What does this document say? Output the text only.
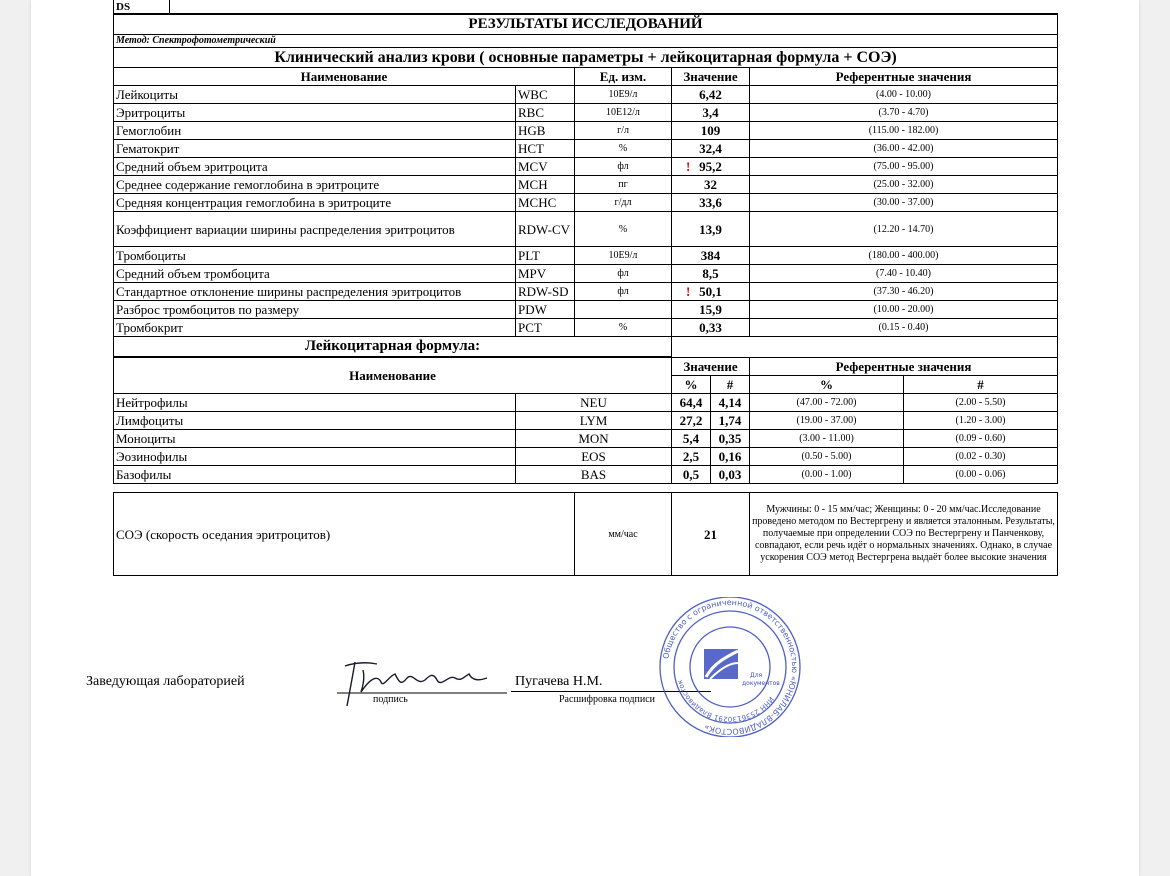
DS	
РЕЗУЛЬТАТЫ ИССЛЕДОВАНИЙ				
Метод: Спектрофотометрический				
Клинический анализ крови ( основные параметры + лейкоцитарная формула + СОЭ)				
Наименование		Ед. изм.	Значение	Референтные значения
Лейкоциты	WBC	10E9/л	6,42	(4.00 - 10.00)
Эритроциты	RBC	10E12/л	3,4	(3.70 - 4.70)
Гемоглобин	HGB	г/л	109	(115.00 - 182.00)
Гематокрит	HCT	%	32,4	(36.00 - 42.00)
Средний объем эритроцита	MCV	фл	! 95,2	(75.00 - 95.00)
Среднее содержание гемоглобина в эритроците	MCH	пг	32	(25.00 - 32.00)
Средняя концентрация гемоглобина в эритроците	MCHC	г/дл	33,6	(30.00 - 37.00)
Коэффициент вариации ширины распределения эритроцитов	RDW-CV	%	13,9	(12.20 - 14.70)
Тромбоциты	PLT	10E9/л	384	(180.00 - 400.00)
Средний объем тромбоцита	MPV	фл	8,5	(7.40 - 10.40)
Стандартное отклонение ширины распределения эритроцитов	RDW-SD	фл	! 50,1	(37.30 - 46.20)
Разброс тромбоцитов по размеру	PDW		15,9	(10.00 - 20.00)
Тромбокрит	PCT	%	0,33	(0.15 - 0.40)
Лейкоцитарная формула:				
Наименование		Значение		Референтные значения	
		%	#	%	#
Нейтрофилы	NEU	64,4	4,14	(47.00 - 72.00)	(2.00 - 5.50)
Лимфоциты	LYM	27,2	1,74	(19.00 - 37.00)	(1.20 - 3.00)
Моноциты	MON	5,4	0,35	(3.00 - 11.00)	(0.09 - 0.60)
Эозинофилы	EOS	2,5	0,16	(0.50 - 5.00)	(0.02 - 0.30)
Базофилы	BAS	0,5	0,03	(0.00 - 1.00)	(0.00 - 0.06)
СОЭ (скорость оседания эритроцитов)	мм/час	21	Мужчины: 0 - 15 мм/час; Женщины: 0 - 20 мм/час.Исследование проведено методом по Вестергрену и является эталонным. Результаты, получаемые при определении СОЭ по Вестергрену и Панченкову, совпадают, если речь идёт о нормальных значениях. Однако, в случае ускорения СОЭ метод Вестергрена выдаёт более высокие значения
Заведующая лабораторией
подпись
Пугачева Н.М.
Расшифровка подписи
Общество с ограниченной ответственностью «ЮНИЛАБ-ВЛАДИВОСТОК»
ИНН 2536130291 Владивосток
Для
документов
